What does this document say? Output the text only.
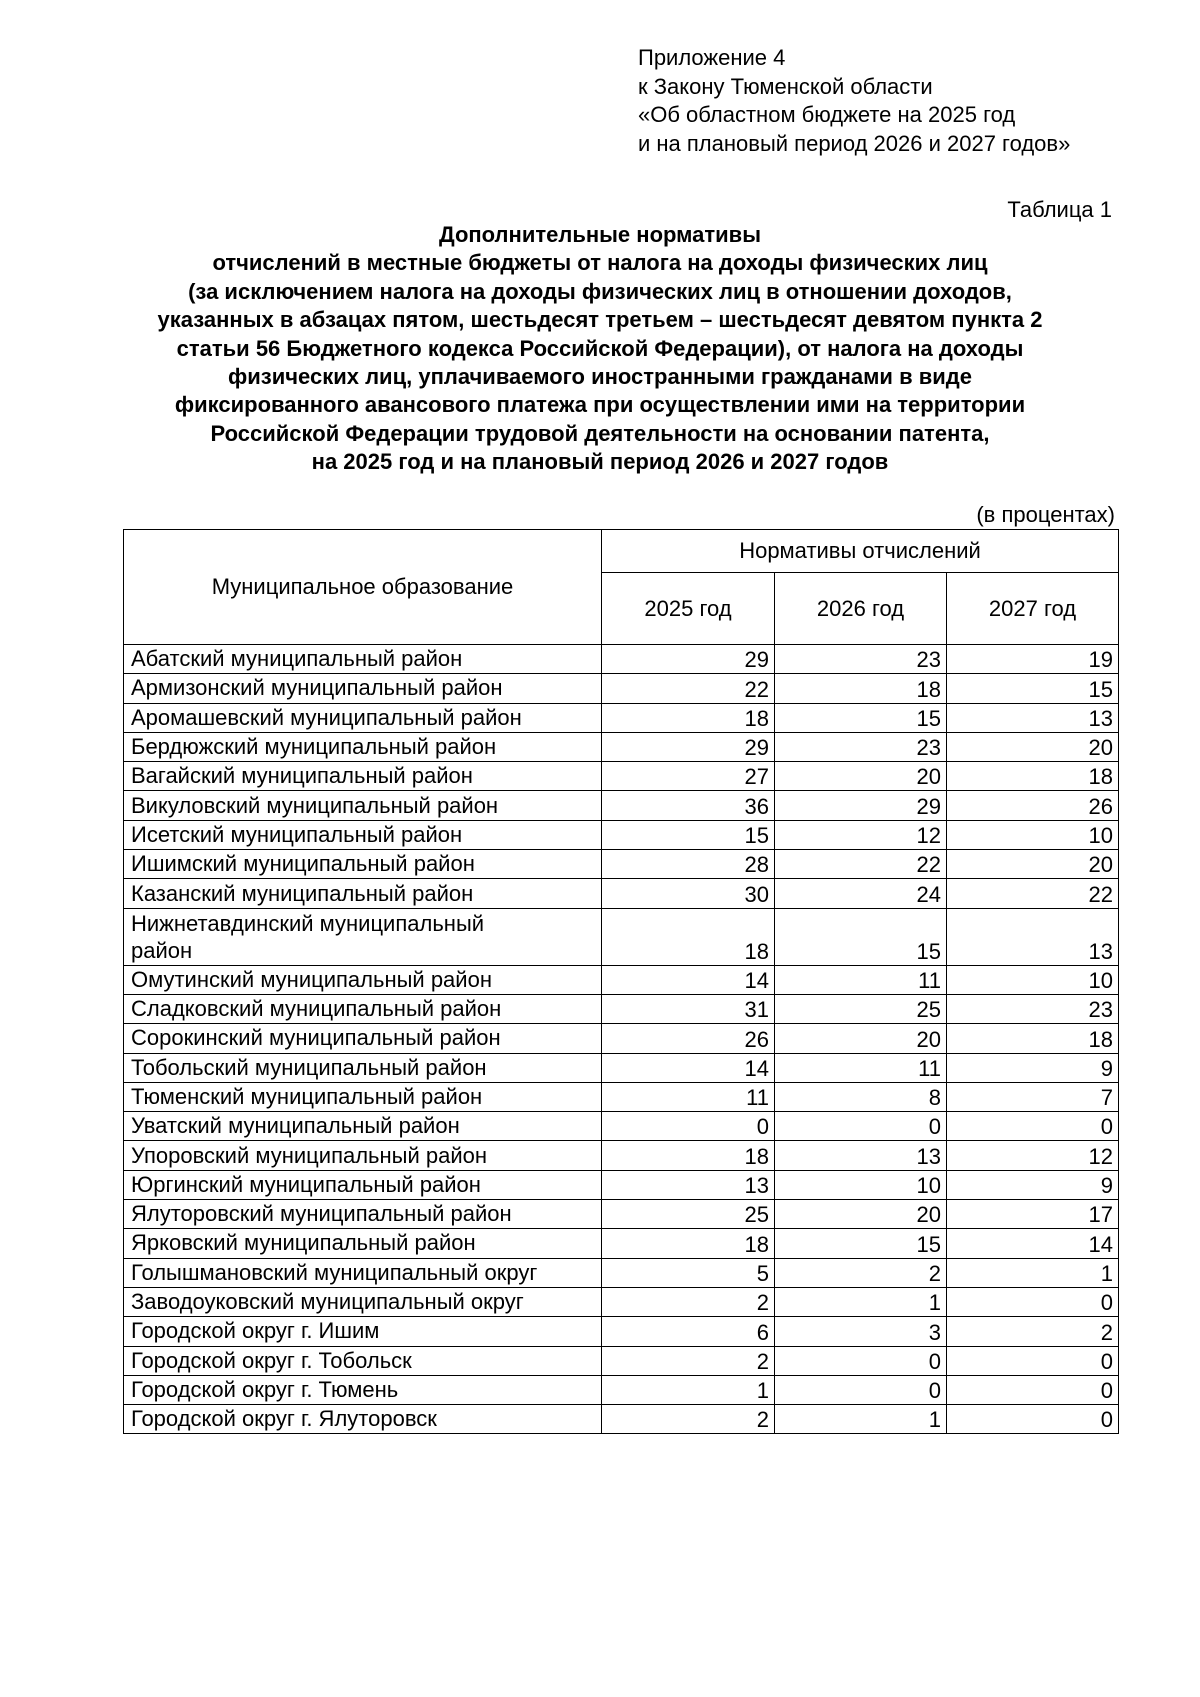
Приложение 4
к Закону Тюменской области
«Об областном бюджете на 2025 год
и на плановый период 2026 и 2027 годов»
Таблица 1
Дополнительные нормативы
отчислений в местные бюджеты от налога на доходы физических лиц
(за исключением налога на доходы физических лиц в отношении доходов,
указанных в абзацах пятом, шестьдесят третьем – шестьдесят девятом пункта 2
статьи 56 Бюджетного кодекса Российской Федерации), от налога на доходы
физических лиц, уплачиваемого иностранными гражданами в виде
фиксированного авансового платежа при осуществлении ими на территории
Российской Федерации трудовой деятельности на основании патента,
на 2025 год и на плановый период 2026 и 2027 годов
(в процентах)
Муниципальное образование	Нормативы отчислений		
	2025 год	2026 год	2027 год
Абатский муниципальный район	29	23	19
Армизонский муниципальный район	22	18	15
Аромашевский муниципальный район	18	15	13
Бердюжский муниципальный район	29	23	20
Вагайский муниципальный район	27	20	18
Викуловский муниципальный район	36	29	26
Исетский муниципальный район	15	12	10
Ишимский муниципальный район	28	22	20
Казанский муниципальный район	30	24	22
Нижнетавдинский муниципальный
район	18	15	13
Омутинский муниципальный район	14	11	10
Сладковский муниципальный район	31	25	23
Сорокинский муниципальный район	26	20	18
Тобольский муниципальный район	14	11	9
Тюменский муниципальный район	11	8	7
Уватский муниципальный район	0	0	0
Упоровский муниципальный район	18	13	12
Юргинский муниципальный район	13	10	9
Ялуторовский муниципальный район	25	20	17
Ярковский муниципальный район	18	15	14
Голышмановский муниципальный округ	5	2	1
Заводоуковский муниципальный округ	2	1	0
Городской округ г. Ишим	6	3	2
Городской округ г. Тобольск	2	0	0
Городской округ г. Тюмень	1	0	0
Городской округ г. Ялуторовск	2	1	0
